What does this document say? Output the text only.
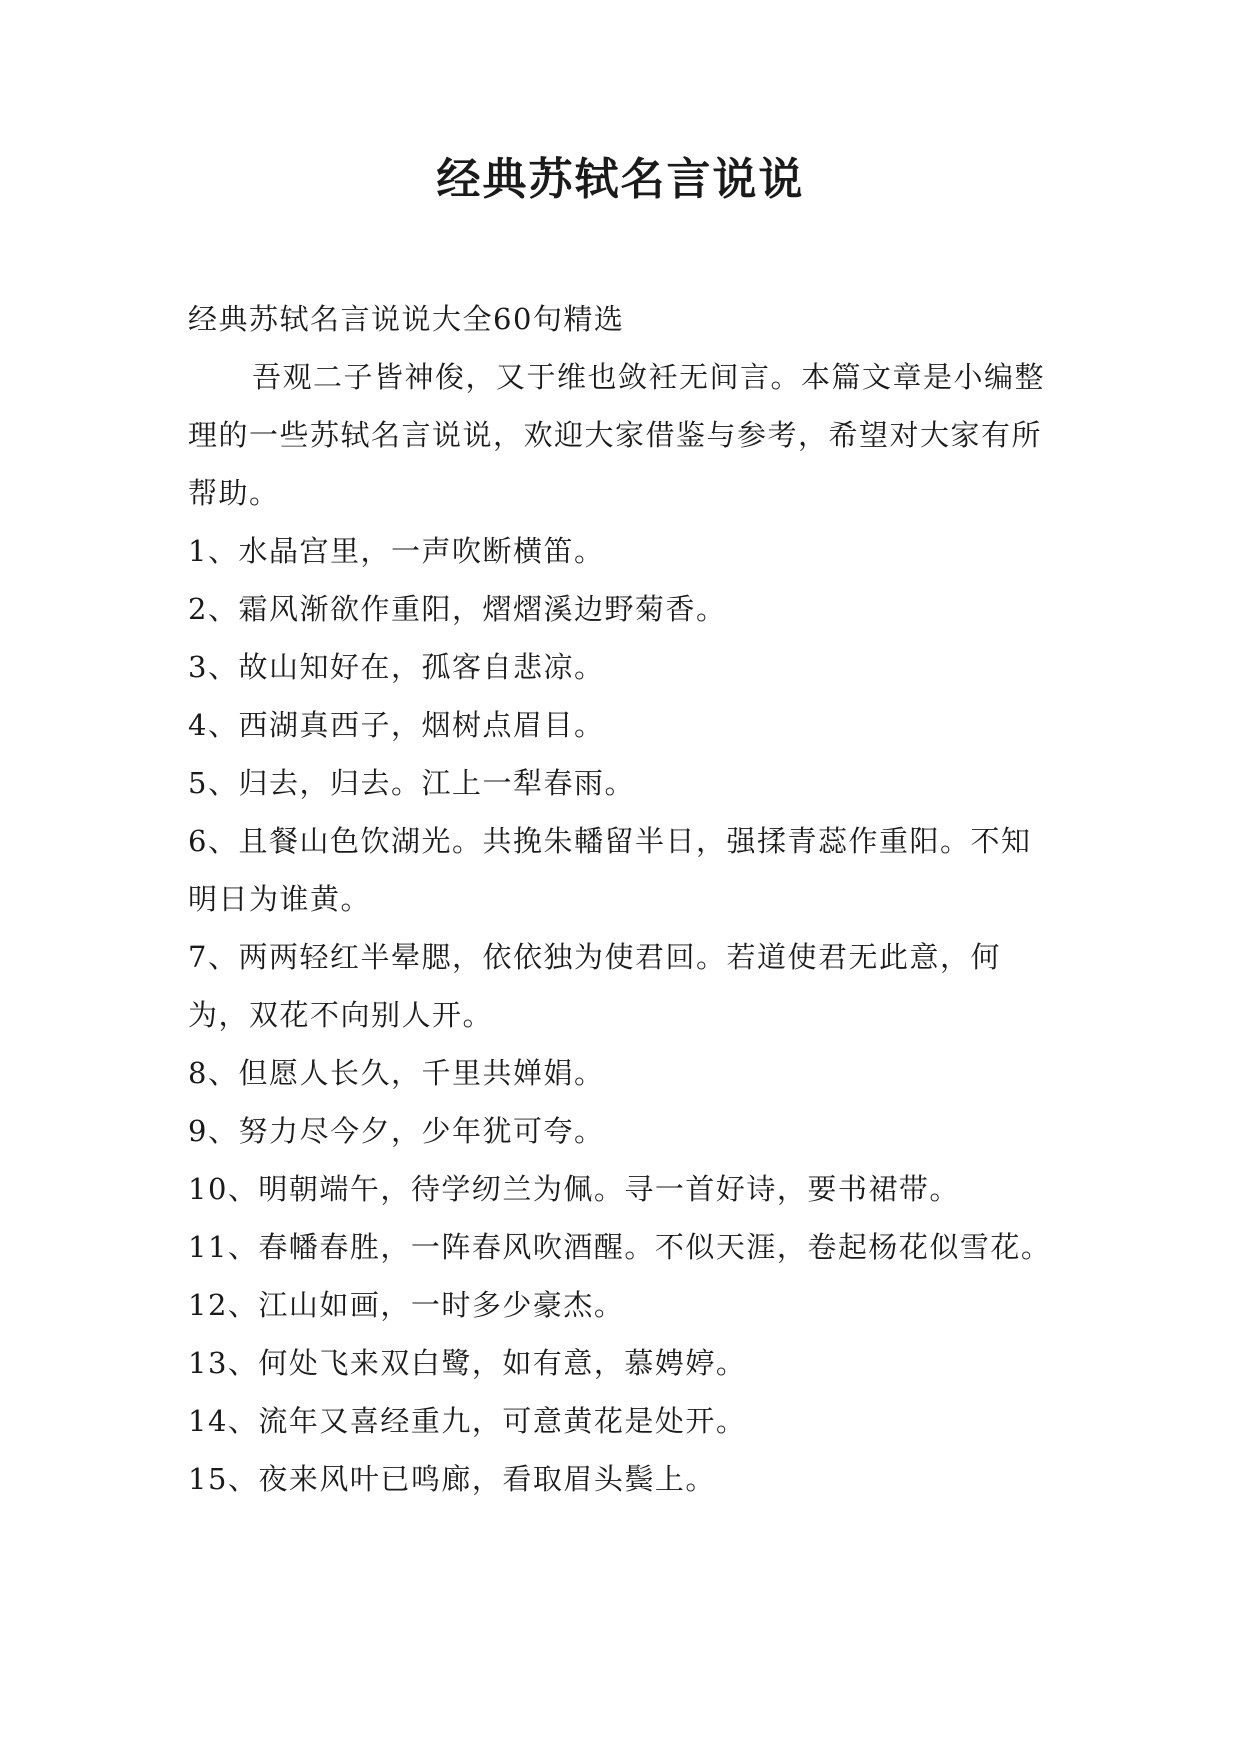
经典苏轼名言说说

经典苏轼名言说说大全60句精选

吾观二子皆神俊，又于维也敛衽无间言。本篇文章是小编整理的一些苏轼名言说说，欢迎大家借鉴与参考，希望对大家有所帮助。

1、水晶宫里，一声吹断横笛。

2、霜风渐欲作重阳，熠熠溪边野菊香。

3、故山知好在，孤客自悲凉。

4、西湖真西子，烟树点眉目。

5、归去，归去。江上一犁春雨。

6、且餐山色饮湖光。共挽朱轓留半日，强揉青蕊作重阳。不知明日为谁黄。

7、两两轻红半晕腮，依依独为使君回。若道使君无此意，何为，双花不向别人开。

8、但愿人长久，千里共婵娟。

9、努力尽今夕，少年犹可夸。

10、明朝端午，待学纫兰为佩。寻一首好诗，要书裙带。

11、春幡春胜，一阵春风吹酒醒。不似天涯，卷起杨花似雪花。

12、江山如画，一时多少豪杰。

13、何处飞来双白鹭，如有意，慕娉婷。

14、流年又喜经重九，可意黄花是处开。

15、夜来风叶已鸣廊，看取眉头鬓上。
